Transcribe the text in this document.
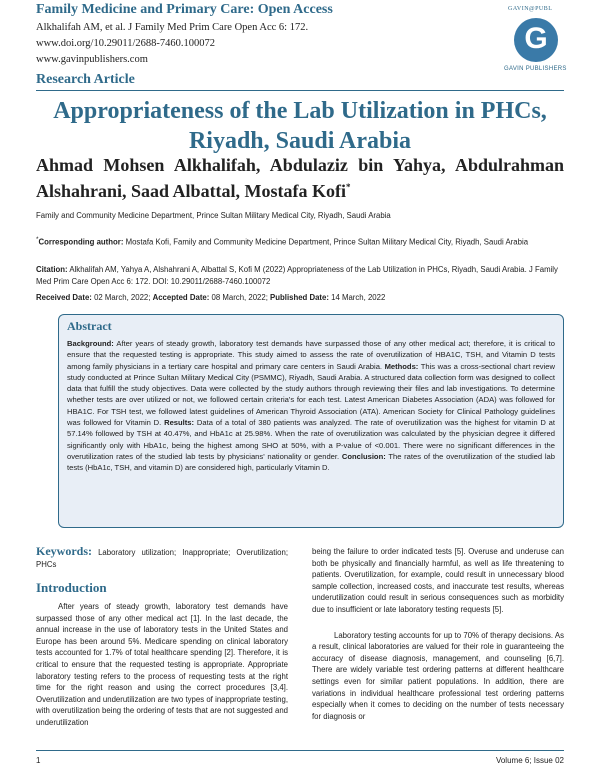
Family Medicine and Primary Care: Open Access
Alkhalifah AM, et al. J Family Med Prim Care Open Acc 6: 172.
www.doi.org/10.29011/2688-7460.100072
www.gavinpublishers.com
Research Article
GAVIN@PUBL
G
GAVIN PUBLISHERS
Appropriateness of the Lab Utilization in PHCs, Riyadh, Saudi Arabia
Ahmad Mohsen Alkhalifah, Abdulaziz bin Yahya, Abdulrahman Alshahrani, Saad Albattal, Mostafa Kofi*
Family and Community Medicine Department, Prince Sultan Military Medical City, Riyadh, Saudi Arabia
*Corresponding author: Mostafa Kofi, Family and Community Medicine Department, Prince Sultan Military Medical City, Riyadh, Saudi Arabia
Citation: Alkhalifah AM, Yahya A, Alshahrani A, Albattal S, Kofi M (2022) Appropriateness of the Lab Utilization in PHCs, Riyadh, Saudi Arabia. J Family Med Prim Care Open Acc 6: 172. DOI: 10.29011/2688-7460.100072
Received Date: 02 March, 2022; Accepted Date: 08 March, 2022; Published Date: 14 March, 2022
Abstract
Background: After years of steady growth, laboratory test demands have surpassed those of any other medical act; therefore, it is critical to ensure that the requested testing is appropriate. This study aimed to assess the rate of overutilization of HBA1C, TSH, and Vitamin D tests among family physicians in a tertiary care hospital and primary care centers in Saudi Arabia. Methods: This was a cross-sectional chart review study conducted at Prince Sultan Military Medical City (PSMMC), Riyadh, Saudi Arabia. A structured data collection form was designed to collect data that fulfill the study objectives. Data were collected by the study authors through reviewing their files and lab investigations. To determine whether tests are over utilized or not, we followed certain criteria's for each test. Latest American Diabetes Association (ADA) was followed for HBA1C. For TSH test, we followed latest guidelines of American Thyroid Association (ATA). American Society for Clinical Pathology guidelines was followed for Vitamin D. Results: Data of a total of 380 patients was analyzed. The rate of overutilization was the highest for vitamin D at 57.14% followed by TSH at 40.47%, and HbA1c at 25.98%. When the rate of overutilization was calculated by the physician degree it differed significantly only with HbA1c, being the highest among SHO at 50%, with a P-value of <0.001. There were no significant differences in the overutilization rates of the studied lab tests by physicians' nationality or gender. Conclusion: The rates of the overutilization of the studied lab tests (HbA1c, TSH, and vitamin D) are considered high, particularly Vitamin D.
Keywords: Laboratory utilization; Inappropriate; Overutilization; PHCs
Introduction

After years of steady growth, laboratory test demands have surpassed those of any other medical act [1]. In the last decade, the annual increase in the use of laboratory tests in the United States and Europe has been around 5%. Medicare spending on clinical laboratory tests accounted for 1.7% of total healthcare spending [2]. Therefore, it is critical to ensure that the requested testing is appropriate. Appropriate laboratory testing refers to the process of requesting tests at the right time for the right reason and using the correct procedures [3,4]. Overutilization and underutilization are two types of inappropriate testing, with overutilization being the ordering of tests that are not suggested and underutilization

being the failure to order indicated tests [5]. Overuse and underuse can both be physically and financially harmful, as well as life threatening to patients. Overutilization, for example, could result in unnecessary blood sample collection, increased costs, and inaccurate test results, whereas underutilization could result in serious consequences such as morbidity due to insufficient or late laboratory testing requests [5].

Laboratory testing accounts for up to 70% of therapy decisions. As a result, clinical laboratories are valued for their role in guaranteeing the accuracy of disease diagnosis, management, and counseling [6,7]. There are widely variable test ordering patterns at different healthcare settings even for similar patient populations. In addition, there are variations in individual healthcare professional test ordering patterns especially when it comes to deciding on the number of tests necessary for diagnosis or

1	Volume 6; Issue 02
